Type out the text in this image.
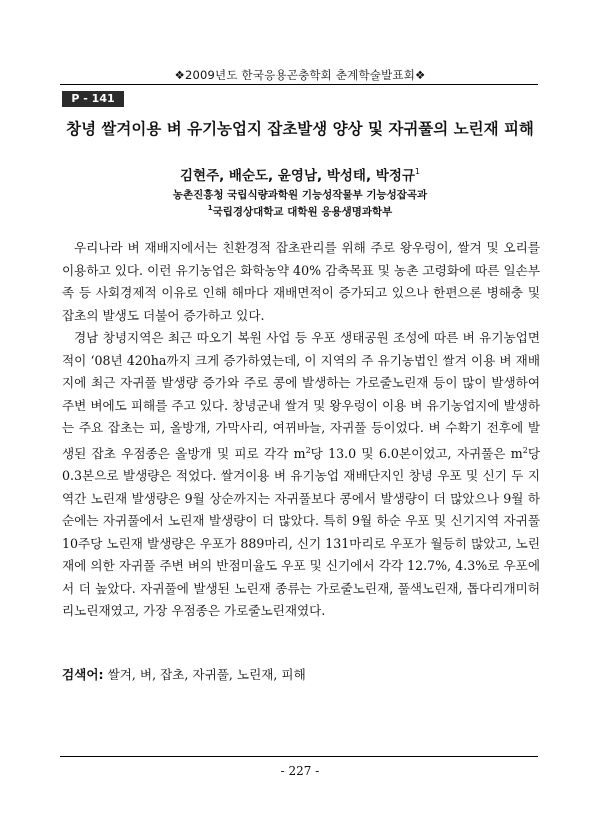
❖2009년도 한국응용곤충학회 춘계학술발표회❖
P - 141
창녕 쌀겨이용 벼 유기농업지 잡초발생 양상 및 자귀풀의 노린재 피해
김현주, 배순도, 윤영남, 박성태, 박정규$^1$
농촌진흥청 국립식량과학원 기능성작물부 기능성잡곡과
$^1$국립경상대학교 대학원 응용생명과학부
우리나라 벼 재배지에서는 친환경적 잡초관리를 위해 주로 왕우렁이, 쌀겨 및 오리를 이용하고 있다. 이런 유기농업은 화학농약 40% 감축목표 및 농촌 고령화에 따른 일손부족 등 사회경제적 이유로 인해 해마다 재배면적이 증가되고 있으나 한편으론 병해충 및 잡초의 발생도 더불어 증가하고 있다.
경남 창녕지역은 최근 따오기 복원 사업 등 우포 생태공원 조성에 따른 벼 유기농업면적이 ‘08년 420ha까지 크게 증가하였는데, 이 지역의 주 유기농법인 쌀겨 이용 벼 재배지에 최근 자귀풀 발생량 증가와 주로 콩에 발생하는 가로줄노린재 등이 많이 발생하여 주변 벼에도 피해를 주고 있다. 창녕군내 쌀겨 및 왕우렁이 이용 벼 유기농업지에 발생하는 주요 잡초는 피, 올방개, 가막사리, 여뀌바늘, 자귀풀 등이었다. 벼 수확기 전후에 발생된 잡초 우점종은 올방개 및 피로 각각 $m^2$당 13.0 및 6.0본이었고, 자귀풀은 $m^2$당 0.3본으로 발생량은 적었다. 쌀겨이용 벼 유기농업 재배단지인 창녕 우포 및 신기 두 지역간 노린재 발생량은 9월 상순까지는 자귀풀보다 콩에서 발생량이 더 많았으나 9월 하순에는 자귀풀에서 노린재 발생량이 더 많았다. 특히 9월 하순 우포 및 신기지역 자귀풀 10주당 노린재 발생량은 우포가 889마리, 신기 131마리로 우포가 월등히 많았고, 노린재에 의한 자귀풀 주변 벼의 반점미율도 우포 및 신기에서 각각 12.7%, 4.3%로 우포에서 더 높았다. 자귀풀에 발생된 노린재 종류는 가로줄노린재, 풀색노린재, 톱다리개미허리노린재였고, 가장 우점종은 가로줄노린재였다.
검색어: 쌀겨, 벼, 잡초, 자귀풀, 노린재, 피해
- 227 -
